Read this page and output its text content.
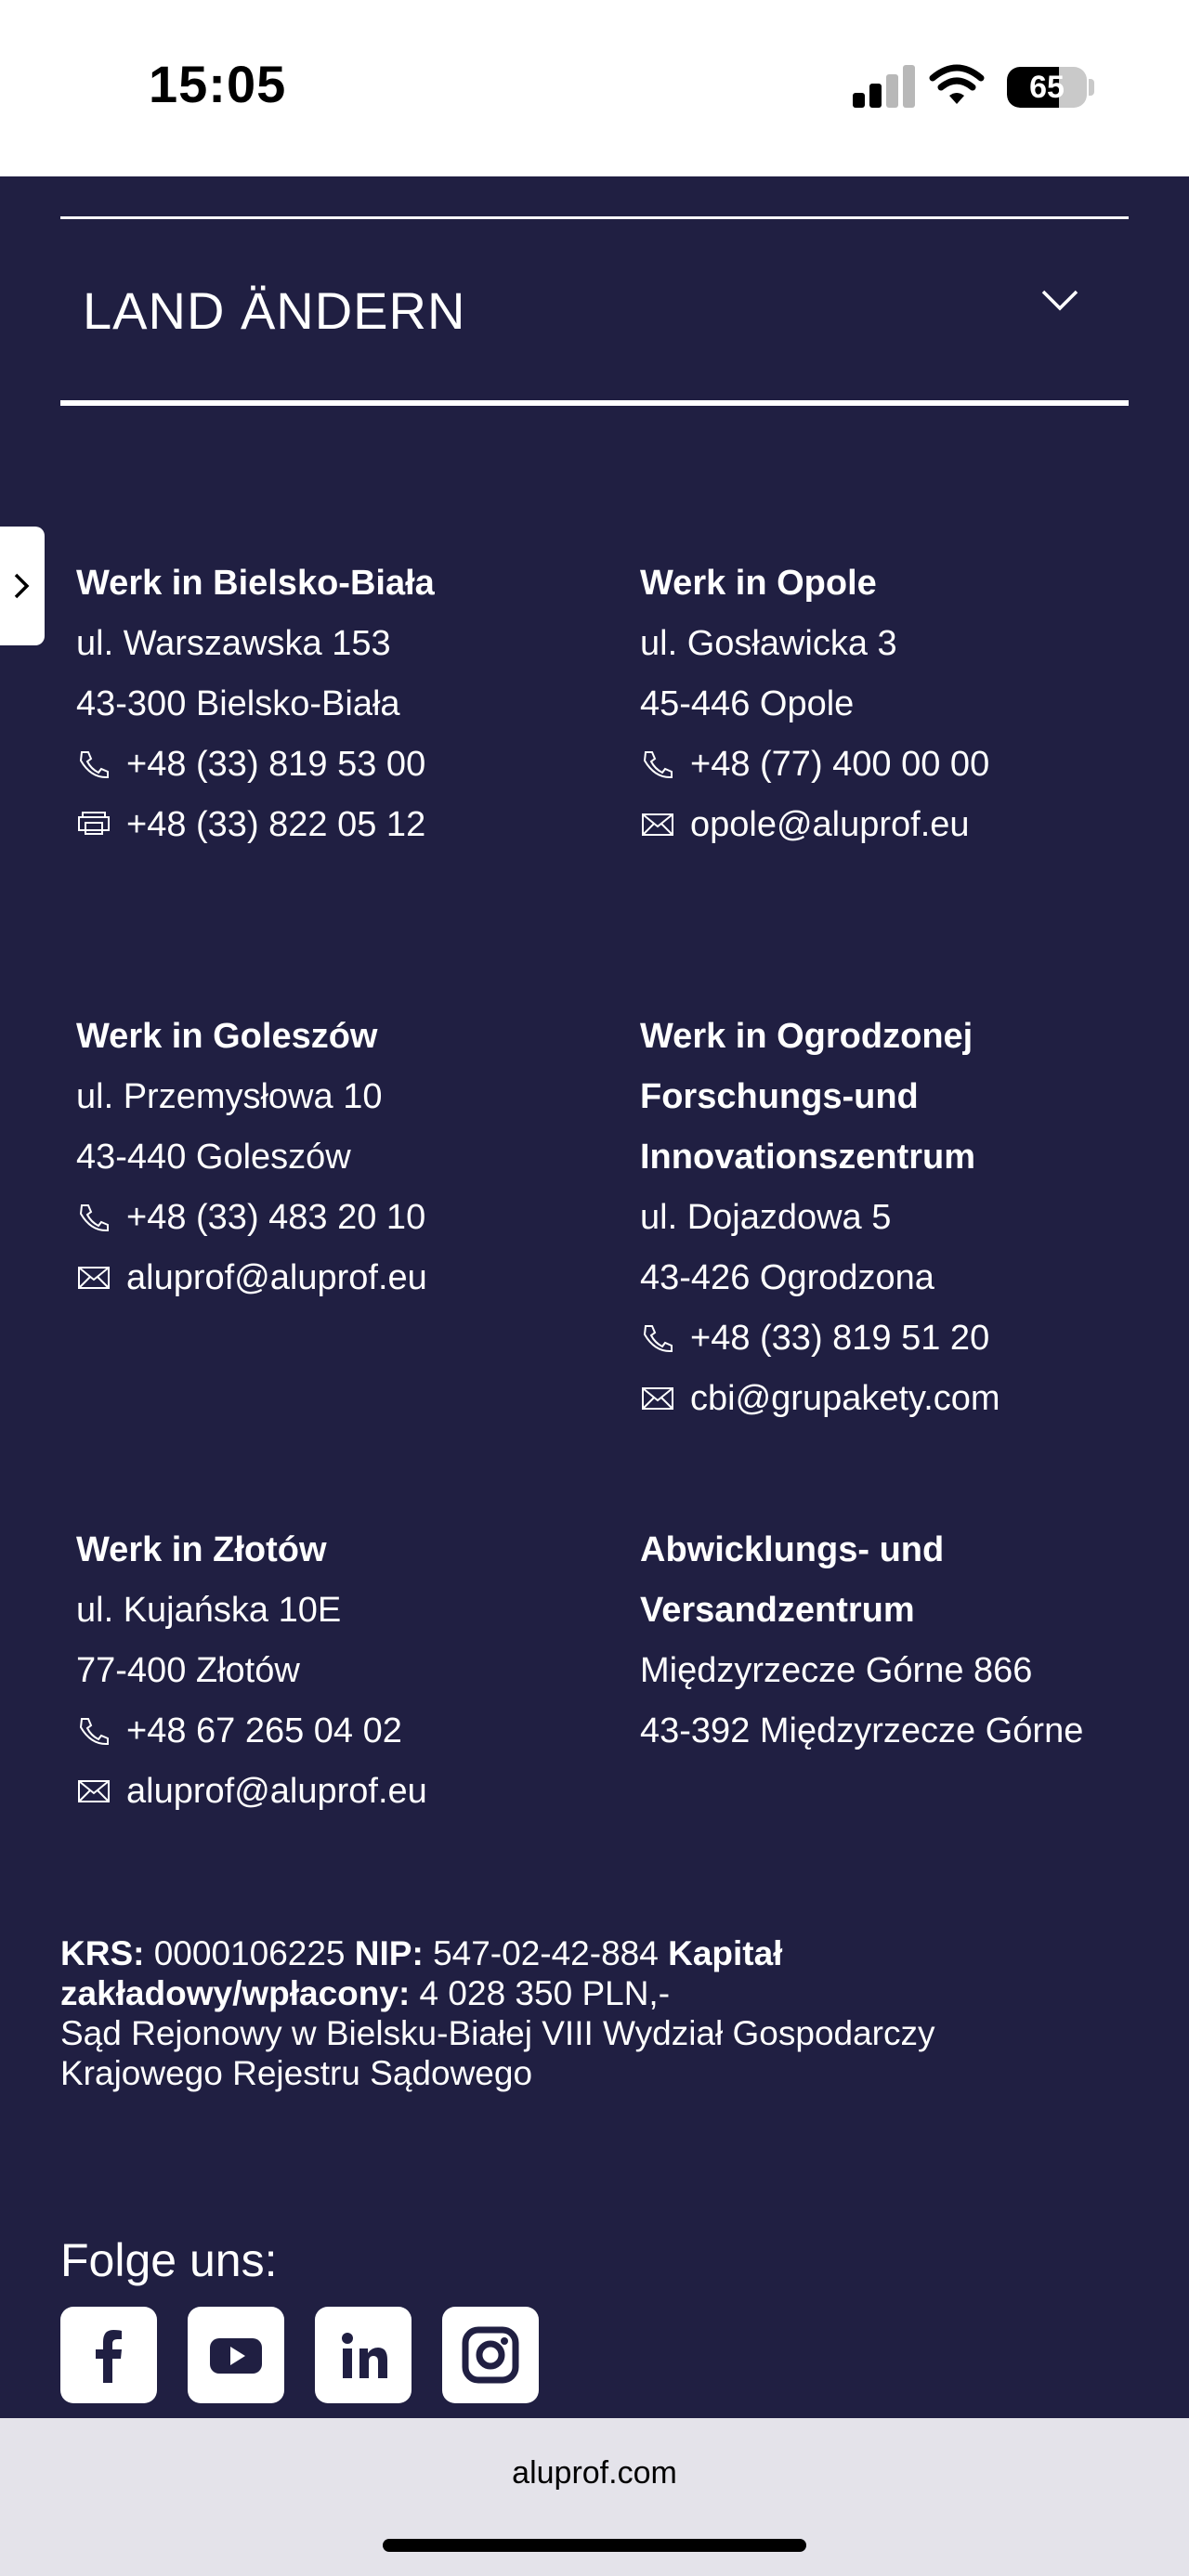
15:05	65
LAND ÄNDERN
Werk in Bielsko-Biała
ul. Warszawska 153
43-300 Bielsko-Biała
+48 (33) 819 53 00
+48 (33) 822 05 12
Werk in Opole
ul. Gosławicka 3
45-446 Opole
+48 (77) 400 00 00
opole@aluprof.eu
Werk in Goleszów
ul. Przemysłowa 10
43-440 Goleszów
+48 (33) 483 20 10
aluprof@aluprof.eu
Werk in Ogrodzonej
Forschungs-und
Innovationszentrum
ul. Dojazdowa 5
43-426 Ogrodzona
+48 (33) 819 51 20
cbi@grupakety.com
Werk in Złotów
ul. Kujańska 10E
77-400 Złotów
+48 67 265 04 02
aluprof@aluprof.eu
Abwicklungs- und
Versandzentrum
Międzyrzecze Górne 866
43-392 Międzyrzecze Górne
KRS: 0000106225 NIP: 547-02-42-884 Kapitał zakładowy/wpłacony: 4 028 350 PLN,-
Sąd Rejonowy w Bielsku-Białej VIII Wydział Gospodarczy
Krajowego Rejestru Sądowego
Folge uns:
aluprof.com
